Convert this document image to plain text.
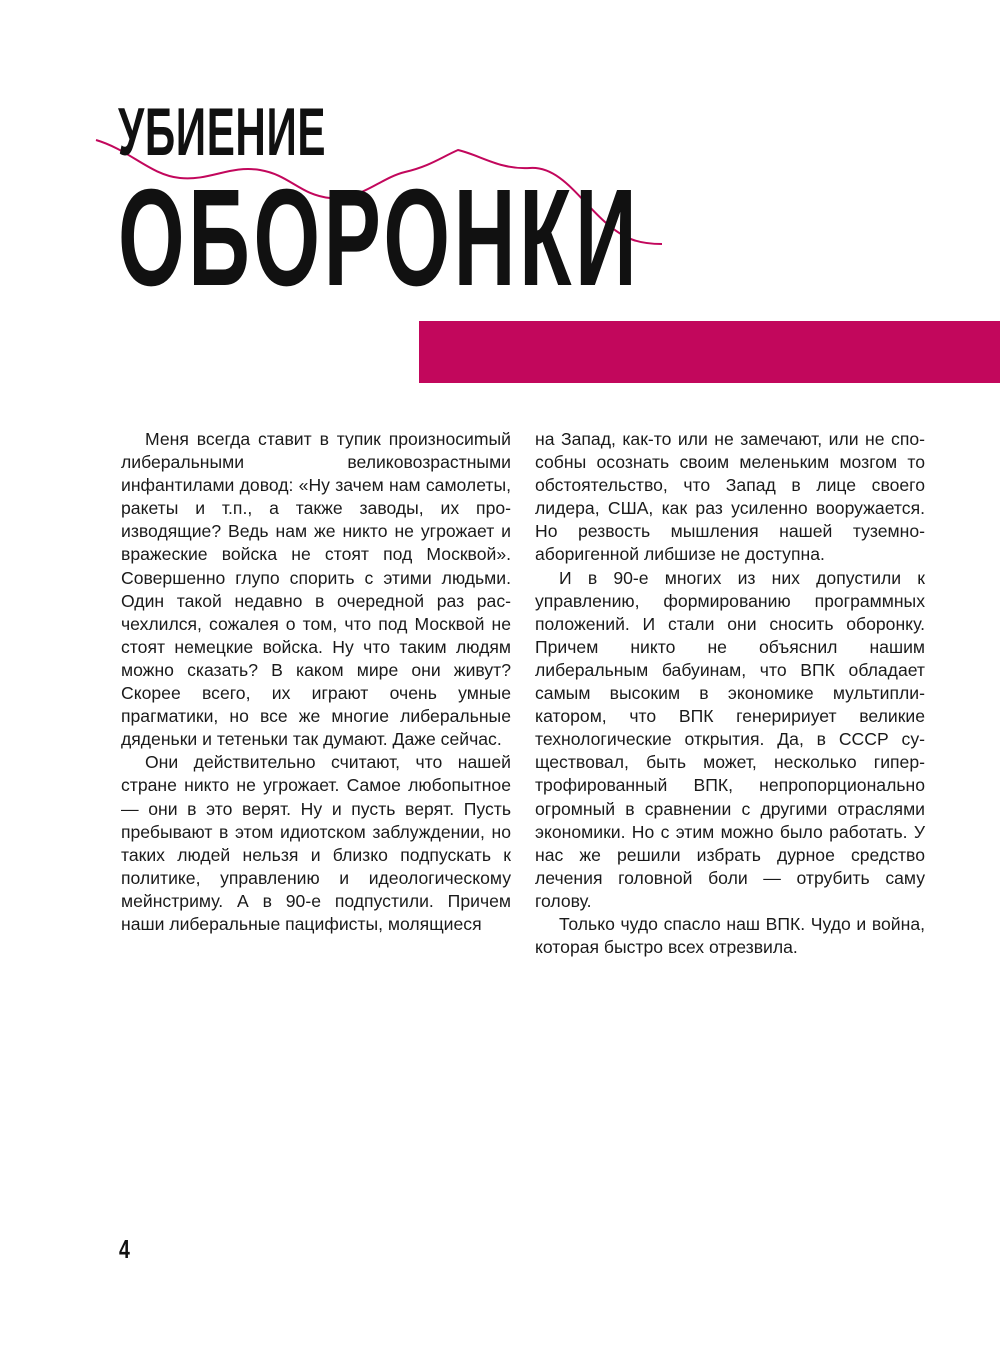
УБИЕНИЕ
ОБОРОНКИ

Меня всегда ставит в тупик произносиmый либеральными великовозрастными инфантилами довод: «Ну зачем нам самолеты, ракеты и т.п., а также заводы, их производящие? Ведь нам же никто не угрожает и вражеские войска не стоят под Москвой». Совершенно глупо спорить с этими людьми. Один такой недавно в очередной раз расчехлился, сожалея о том, что под Москвой не стоят немецкие войска. Ну что таким людям можно сказать? В каком мире они живут? Скорее всего, их играют очень умные прагматики, но все же многие либеральные дяденьки и тетеньки так думают. Даже сейчас.

Они действительно считают, что нашей стране никто не угрожает. Самое любопытное — они в это верят. Ну и пусть верят. Пусть пребывают в этом идиотском заблуждении, но таких людей нельзя и близко подпускать к политике, управлению и идеологическому мейнстриму. А в 90-е подпустили. Причем наши либеральные пацифисты, молящиеся

на Запад, как-то или не замечают, или не способны осознать своим меленьким мозгом то обстоятельство, что Запад в лице своего лидера, США, как раз усиленно вооружается. Но резвость мышления нашей туземно-аборигенной либшизе не доступна.

И в 90-е многих из них допустили к управлению, формированию программных положений. И стали они сносить оборонку. Причем никто не объяснил нашим либеральным бабуинам, что ВПК обладает самым высоким в экономике мультипликатором, что ВПК генеририует великие технологические открытия. Да, в СССР существовал, быть может, несколько гипертрофированный ВПК, непропорционально огромный в сравнении с другими отраслями экономики. Но с этим можно было работать. У нас же решили избрать дурное средство лечения головной боли — отрубить саму голову.

Только чудо спасло наш ВПК. Чудо и война, которая быстро всех отрезвила.

4
